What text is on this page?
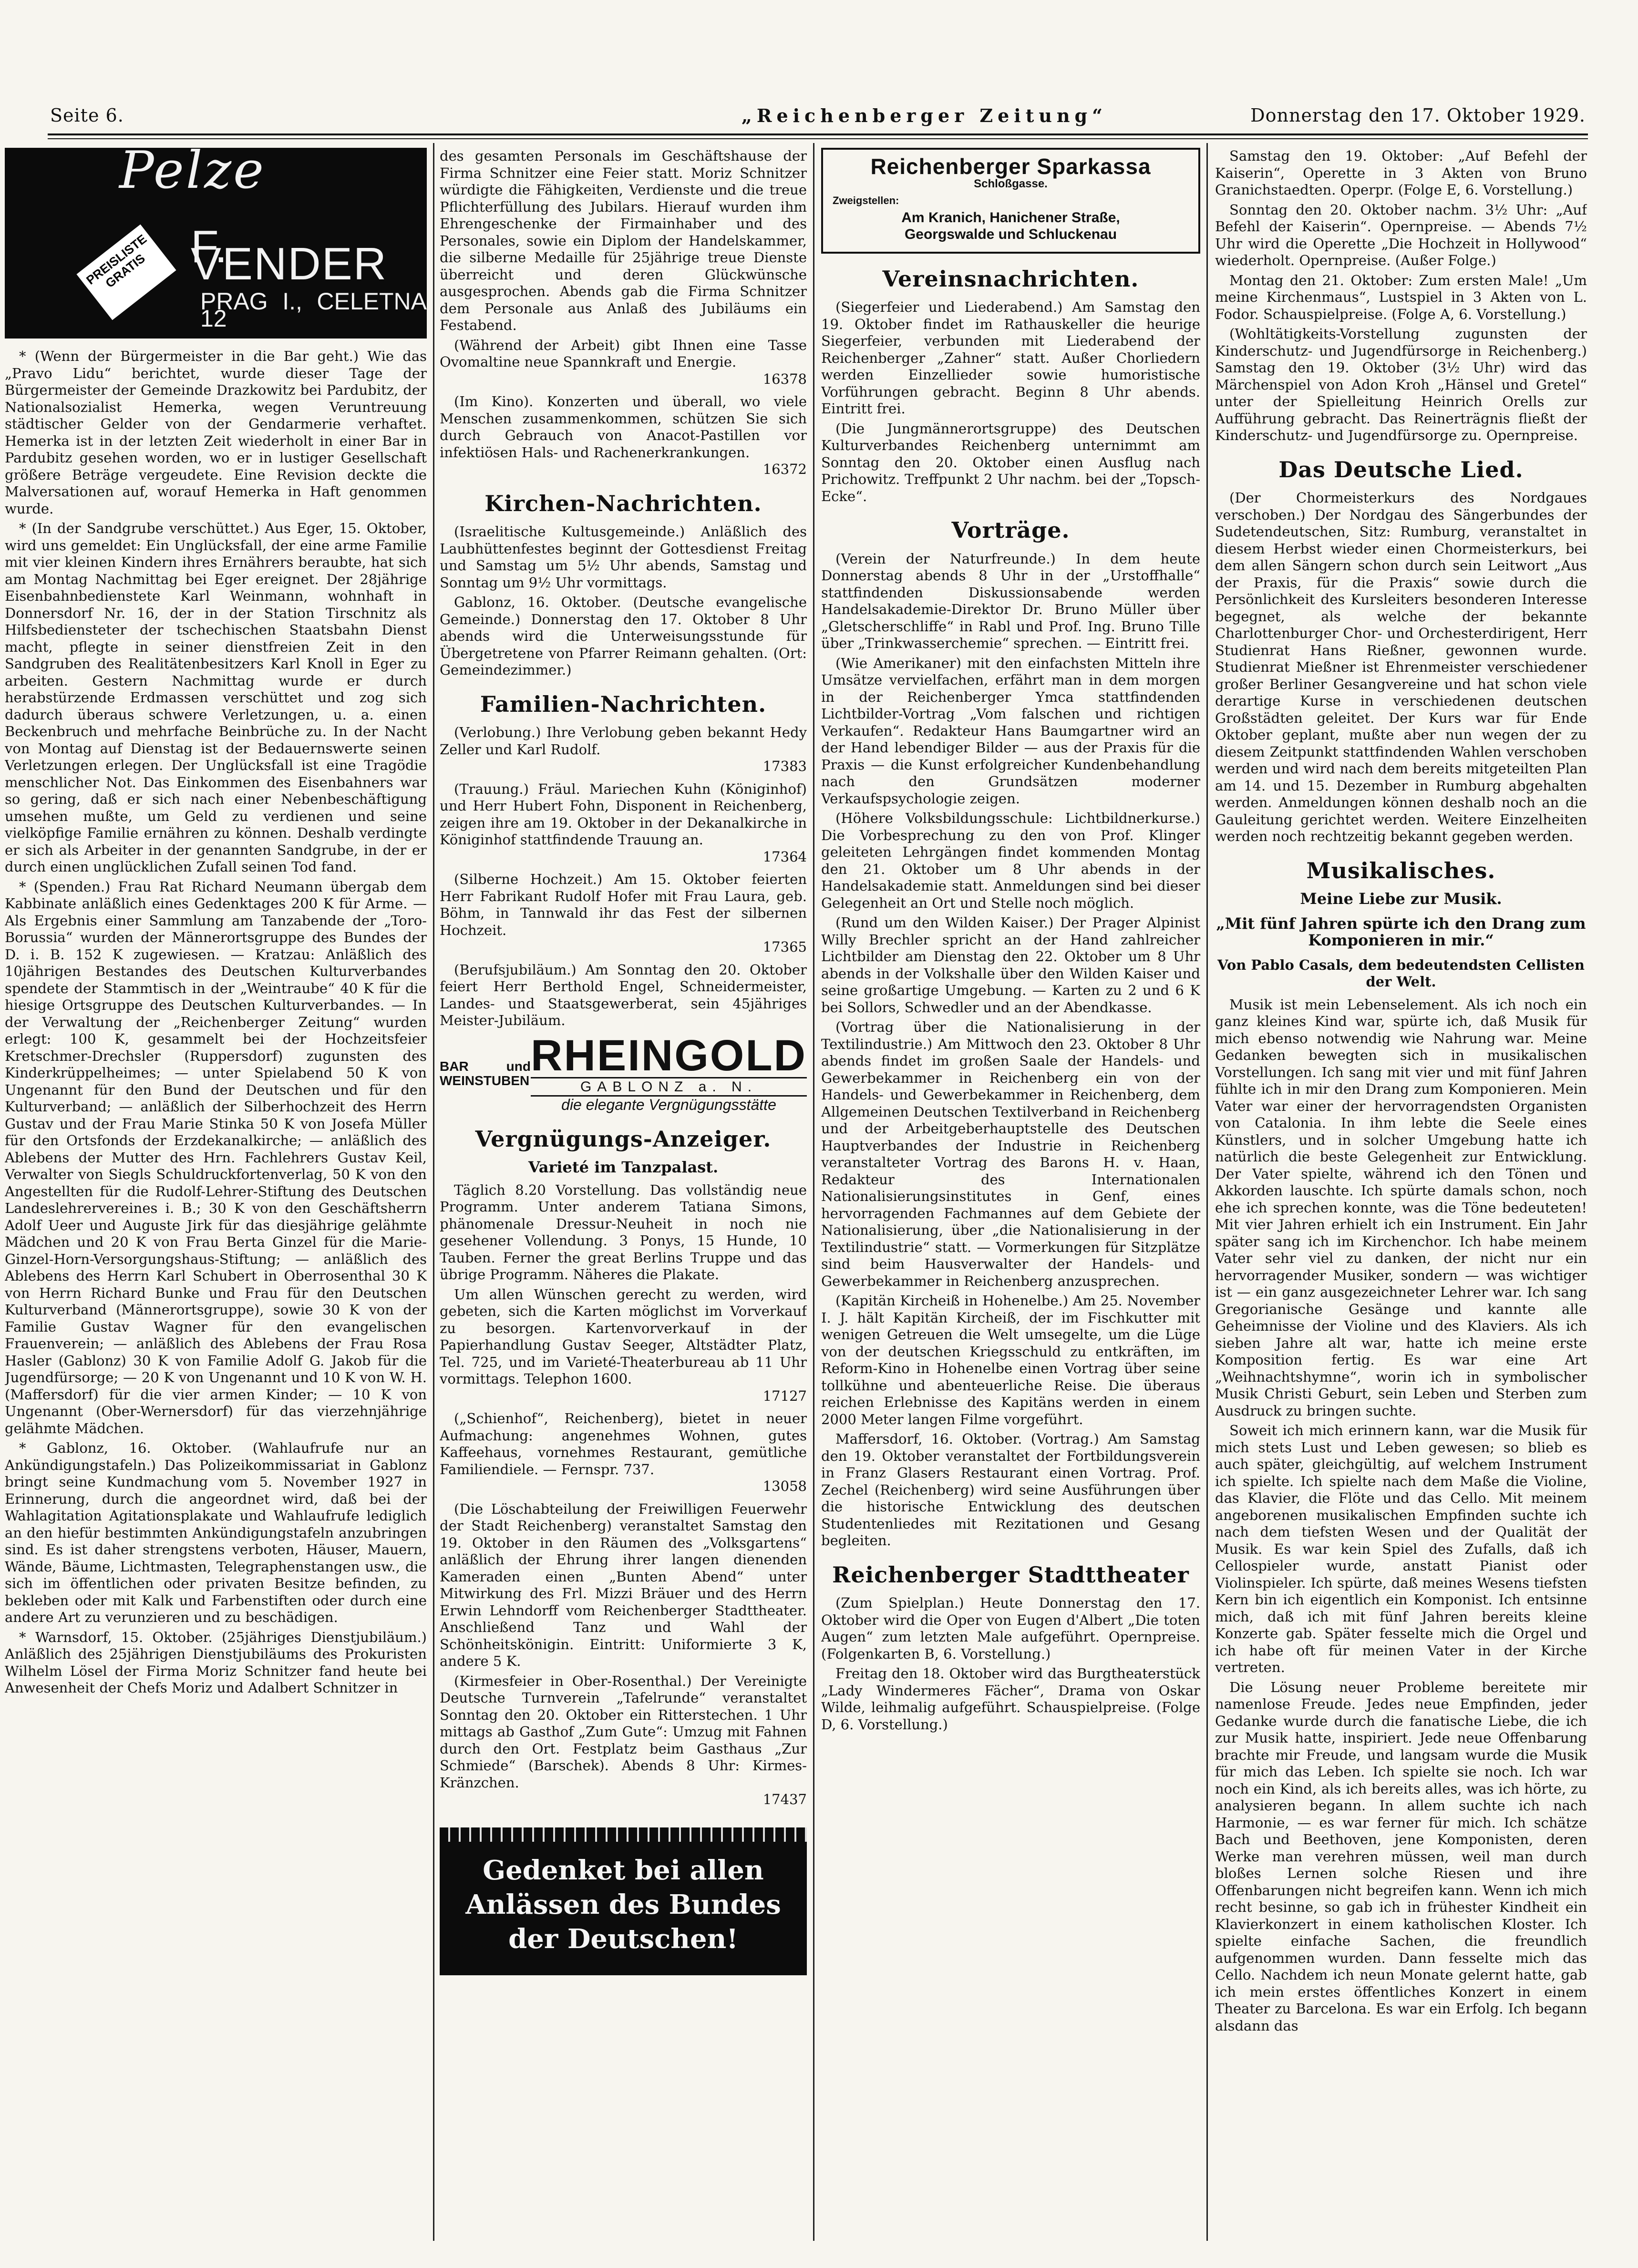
Seite 6.	„Reichenberger Zeitung“	Donnerstag den 17. Oktober 1929.
Pelze
PREISLISTE GRATIS F. VENDER
PRAG I., CELETNA 12

* (Wenn der Bürgermeister in die Bar geht.) Wie das „Pravo Lidu“ berichtet, wurde dieser Tage der Bürgermeister der Gemeinde Drazkowitz bei Pardubitz, der Nationalsozialist Hemerka, wegen Veruntreuung städtischer Gelder von der Gendarmerie verhaftet. Hemerka ist in der letzten Zeit wiederholt in einer Bar in Pardubitz gesehen worden, wo er in lustiger Gesellschaft größere Beträge vergeudete. Eine Revision deckte die Malversationen auf, worauf Hemerka in Haft genommen wurde.

* (In der Sandgrube verschüttet.) Aus Eger, 15. Oktober, wird uns gemeldet: Ein Unglücksfall, der eine arme Familie mit vier kleinen Kindern ihres Ernährers beraubte, hat sich am Montag Nachmittag bei Eger ereignet. Der 28jährige Eisenbahnbedienstete Karl Weinmann, wohnhaft in Donnersdorf Nr. 16, der in der Station Tirschnitz als Hilfsbediensteter der tschechischen Staatsbahn Dienst macht, pflegte in seiner dienstfreien Zeit in den Sandgruben des Realitätenbesitzers Karl Knoll in Eger zu arbeiten. Gestern Nachmittag wurde er durch herabstürzende Erdmassen verschüttet und zog sich dadurch überaus schwere Verletzungen, u. a. einen Beckenbruch und mehrfache Beinbrüche zu. In der Nacht von Montag auf Dienstag ist der Bedauernswerte seinen Verletzungen erlegen. Der Unglücksfall ist eine Tragödie menschlicher Not. Das Einkommen des Eisenbahners war so gering, daß er sich nach einer Nebenbeschäftigung umsehen mußte, um Geld zu verdienen und seine vielköpfige Familie ernähren zu können. Deshalb verdingte er sich als Arbeiter in der genannten Sandgrube, in der er durch einen unglücklichen Zufall seinen Tod fand.

* (Spenden.) Frau Rat Richard Neumann übergab dem Kabbinate anläßlich eines Gedenktages 200 K für Arme. — Als Ergebnis einer Sammlung am Tanzabende der „Toro-Borussia“ wurden der Männerortsgruppe des Bundes der D. i. B. 152 K zugewiesen. — Kratzau: Anläßlich des 10jährigen Bestandes des Deutschen Kulturverbandes spendete der Stammtisch in der „Weintraube“ 40 K für die hiesige Ortsgruppe des Deutschen Kulturverbandes. — In der Verwaltung der „Reichenberger Zeitung“ wurden erlegt: 100 K, gesammelt bei der Hochzeitsfeier Kretschmer-Drechsler (Ruppersdorf) zugunsten des Kinderkrüppelheimes; — unter Spielabend 50 K von Ungenannt für den Bund der Deutschen und für den Kulturverband; — anläßlich der Silberhochzeit des Herrn Gustav und der Frau Marie Stinka 50 K von Josefa Müller für den Ortsfonds der Erzdekanalkirche; — anläßlich des Ablebens der Mutter des Hrn. Fachlehrers Gustav Keil, Verwalter von Siegls Schuldruckfortenverlag, 50 K von den Angestellten für die Rudolf-Lehrer-Stiftung des Deutschen Landeslehrervereines i. B.; 30 K von den Geschäftsherrn Adolf Ueer und Auguste Jirk für das diesjährige gelähmte Mädchen und 20 K von Frau Berta Ginzel für die Marie-Ginzel-Horn-Versorgungshaus-Stiftung; — anläßlich des Ablebens des Herrn Karl Schubert in Oberrosenthal 30 K von Herrn Richard Bunke und Frau für den Deutschen Kulturverband (Männerortsgruppe), sowie 30 K von der Familie Gustav Wagner für den evangelischen Frauenverein; — anläßlich des Ablebens der Frau Rosa Hasler (Gablonz) 30 K von Familie Adolf G. Jakob für die Jugendfürsorge; — 20 K von Ungenannt und 10 K von W. H. (Maffersdorf) für die vier armen Kinder; — 10 K von Ungenannt (Ober-Wernersdorf) für das vierzehnjährige gelähmte Mädchen.

* Gablonz, 16. Oktober. (Wahlaufrufe nur an Ankündigungstafeln.) Das Polizeikommissariat in Gablonz bringt seine Kundmachung vom 5. November 1927 in Erinnerung, durch die angeordnet wird, daß bei der Wahlagitation Agitationsplakate und Wahlaufrufe lediglich an den hiefür bestimmten Ankündigungstafeln anzubringen sind. Es ist daher strengstens verboten, Häuser, Mauern, Wände, Bäume, Lichtmasten, Telegraphenstangen usw., die sich im öffentlichen oder privaten Besitze befinden, zu bekleben oder mit Kalk und Farbenstiften oder durch eine andere Art zu verunzieren und zu beschädigen.

* Warnsdorf, 15. Oktober. (25jähriges Dienstjubiläum.) Anläßlich des 25jährigen Dienstjubiläums des Prokuristen Wilhelm Lösel der Firma Moriz Schnitzer fand heute bei Anwesenheit der Chefs Moriz und Adalbert Schnitzer in

des gesamten Personals im Geschäftshause der Firma Schnitzer eine Feier statt. Moriz Schnitzer würdigte die Fähigkeiten, Verdienste und die treue Pflichterfüllung des Jubilars. Hierauf wurden ihm Ehrengeschenke der Firmainhaber und des Personales, sowie ein Diplom der Handelskammer, die silberne Medaille für 25jährige treue Dienste überreicht und deren Glückwünsche ausgesprochen. Abends gab die Firma Schnitzer dem Personale aus Anlaß des Jubiläums ein Festabend.

(Während der Arbeit) gibt Ihnen eine Tasse Ovomaltine neue Spannkraft und Energie.

16378

(Im Kino). Konzerten und überall, wo viele Menschen zusammenkommen, schützen Sie sich durch Gebrauch von Anacot-Pastillen vor infektiösen Hals- und Rachenerkrankungen.

16372

Kirchen-Nachrichten.

(Israelitische Kultusgemeinde.) Anläßlich des Laubhüttenfestes beginnt der Gottesdienst Freitag und Samstag um 5½ Uhr abends, Samstag und Sonntag um 9½ Uhr vormittags.

Gablonz, 16. Oktober. (Deutsche evangelische Gemeinde.) Donnerstag den 17. Oktober 8 Uhr abends wird die Unterweisungsstunde für Übergetretene von Pfarrer Reimann gehalten. (Ort: Gemeindezimmer.)

Familien-Nachrichten.

(Verlobung.) Ihre Verlobung geben bekannt Hedy Zeller und Karl Rudolf.

17383

(Trauung.) Fräul. Mariechen Kuhn (Königinhof) und Herr Hubert Fohn, Disponent in Reichenberg, zeigen ihre am 19. Oktober in der Dekanalkirche in Königinhof stattfindende Trauung an.

17364

(Silberne Hochzeit.) Am 15. Oktober feierten Herr Fabrikant Rudolf Hofer mit Frau Laura, geb. Böhm, in Tannwald ihr das Fest der silbernen Hochzeit.

17365

(Berufsjubiläum.) Am Sonntag den 20. Oktober feiert Herr Berthold Engel, Schneidermeister, Landes- und Staatsgewerberat, sein 45jähriges Meister-Jubiläum.

BAR und WEINSTUBEN
RHEINGOLD
GABLONZ a. N.
die elegante Vergnügungsstätte
Vergnügungs-Anzeiger.
Varieté im Tanzpalast.

Täglich 8.20 Vorstellung. Das vollständig neue Programm. Unter anderem Tatiana Simons, phänomenale Dressur-Neuheit in noch nie gesehener Vollendung. 3 Ponys, 15 Hunde, 10 Tauben. Ferner the great Berlins Truppe und das übrige Programm. Näheres die Plakate.

Um allen Wünschen gerecht zu werden, wird gebeten, sich die Karten möglichst im Vorverkauf zu besorgen. Kartenvorverkauf in der Papierhandlung Gustav Seeger, Altstädter Platz, Tel. 725, und im Varieté-Theaterbureau ab 11 Uhr vormittags. Telephon 1600.

17127

(„Schienhof“, Reichenberg), bietet in neuer Aufmachung: angenehmes Wohnen, gutes Kaffeehaus, vornehmes Restaurant, gemütliche Familiendiele. — Fernspr. 737.

13058

(Die Löschabteilung der Freiwilligen Feuerwehr der Stadt Reichenberg) veranstaltet Samstag den 19. Oktober in den Räumen des „Volksgartens“ anläßlich der Ehrung ihrer langen dienenden Kameraden einen „Bunten Abend“ unter Mitwirkung des Frl. Mizzi Bräuer und des Herrn Erwin Lehndorff vom Reichenberger Stadttheater. Anschließend Tanz und Wahl der Schönheitskönigin. Eintritt: Uniformierte 3 K, andere 5 K.

(Kirmesfeier in Ober-Rosenthal.) Der Vereinigte Deutsche Turnverein „Tafelrunde“ veranstaltet Sonntag den 20. Oktober ein Ritterstechen. 1 Uhr mittags ab Gasthof „Zum Gute“: Umzug mit Fahnen durch den Ort. Festplatz beim Gasthaus „Zur Schmiede“ (Barschek). Abends 8 Uhr: Kirmes-Kränzchen.

17437

Gedenket bei allen Anlässen des Bundes der Deutschen!
Reichenberger Sparkassa
Schloßgasse.
Zweigstellen:
Am Kranich, Hanichener Straße,
Georgswalde und Schluckenau
Vereinsnachrichten.

(Siegerfeier und Liederabend.) Am Samstag den 19. Oktober findet im Rathauskeller die heurige Siegerfeier, verbunden mit Liederabend der Reichenberger „Zahner“ statt. Außer Chorliedern werden Einzellieder sowie humoristische Vorführungen gebracht. Beginn 8 Uhr abends. Eintritt frei.

(Die Jungmännerortsgruppe) des Deutschen Kulturverbandes Reichenberg unternimmt am Sonntag den 20. Oktober einen Ausflug nach Prichowitz. Treffpunkt 2 Uhr nachm. bei der „Topsch-Ecke“.

Vorträge.

(Verein der Naturfreunde.) In dem heute Donnerstag abends 8 Uhr in der „Urstoffhalle“ stattfindenden Diskussionsabende werden Handelsakademie-Direktor Dr. Bruno Müller über „Gletscherschliffe“ in Rabl und Prof. Ing. Bruno Tille über „Trinkwasserchemie“ sprechen. — Eintritt frei.

(Wie Amerikaner) mit den einfachsten Mitteln ihre Umsätze vervielfachen, erfährt man in dem morgen in der Reichenberger Ymca stattfindenden Lichtbilder-Vortrag „Vom falschen und richtigen Verkaufen“. Redakteur Hans Baumgartner wird an der Hand lebendiger Bilder — aus der Praxis für die Praxis — die Kunst erfolgreicher Kundenbehandlung nach den Grundsätzen moderner Verkaufspsychologie zeigen.

(Höhere Volksbildungsschule: Lichtbildnerkurse.) Die Vorbesprechung zu den von Prof. Klinger geleiteten Lehrgängen findet kommenden Montag den 21. Oktober um 8 Uhr abends in der Handelsakademie statt. Anmeldungen sind bei dieser Gelegenheit an Ort und Stelle noch möglich.

(Rund um den Wilden Kaiser.) Der Prager Alpinist Willy Brechler spricht an der Hand zahlreicher Lichtbilder am Dienstag den 22. Oktober um 8 Uhr abends in der Volkshalle über den Wilden Kaiser und seine großartige Umgebung. — Karten zu 2 und 6 K bei Sollors, Schwedler und an der Abendkasse.

(Vortrag über die Nationalisierung in der Textilindustrie.) Am Mittwoch den 23. Oktober 8 Uhr abends findet im großen Saale der Handels- und Gewerbekammer in Reichenberg ein von der Handels- und Gewerbekammer in Reichenberg, dem Allgemeinen Deutschen Textilverband in Reichenberg und der Arbeitgeberhauptstelle des Deutschen Hauptverbandes der Industrie in Reichenberg veranstalteter Vortrag des Barons H. v. Haan, Redakteur des Internationalen Nationalisierungsinstitutes in Genf, eines hervorragenden Fachmannes auf dem Gebiete der Nationalisierung, über „die Nationalisierung in der Textilindustrie“ statt. — Vormerkungen für Sitzplätze sind beim Hausverwalter der Handels- und Gewerbekammer in Reichenberg anzusprechen.

(Kapitän Kircheiß in Hohenelbe.) Am 25. November I. J. hält Kapitän Kircheiß, der im Fischkutter mit wenigen Getreuen die Welt umsegelte, um die Lüge von der deutschen Kriegsschuld zu entkräften, im Reform-Kino in Hohenelbe einen Vortrag über seine tollkühne und abenteuerliche Reise. Die überaus reichen Erlebnisse des Kapitäns werden in einem 2000 Meter langen Filme vorgeführt.

Maffersdorf, 16. Oktober. (Vortrag.) Am Samstag den 19. Oktober veranstaltet der Fortbildungsverein in Franz Glasers Restaurant einen Vortrag. Prof. Zechel (Reichenberg) wird seine Ausführungen über die historische Entwicklung des deutschen Studentenliedes mit Rezitationen und Gesang begleiten.

Reichenberger Stadttheater

(Zum Spielplan.) Heute Donnerstag den 17. Oktober wird die Oper von Eugen d'Albert „Die toten Augen“ zum letzten Male aufgeführt. Opernpreise. (Folgenkarten B, 6. Vorstellung.)

Freitag den 18. Oktober wird das Burgtheaterstück „Lady Windermeres Fächer“, Drama von Oskar Wilde, leihmalig aufgeführt. Schauspielpreise. (Folge D, 6. Vorstellung.)

Samstag den 19. Oktober: „Auf Befehl der Kaiserin“, Operette in 3 Akten von Bruno Granichstaedten. Operpr. (Folge E, 6. Vorstellung.)

Sonntag den 20. Oktober nachm. 3½ Uhr: „Auf Befehl der Kaiserin“. Opernpreise. — Abends 7½ Uhr wird die Operette „Die Hochzeit in Hollywood“ wiederholt. Opernpreise. (Außer Folge.)

Montag den 21. Oktober: Zum ersten Male! „Um meine Kirchenmaus“, Lustspiel in 3 Akten von L. Fodor. Schauspielpreise. (Folge A, 6. Vorstellung.)

(Wohltätigkeits-Vorstellung zugunsten der Kinderschutz- und Jugendfürsorge in Reichenberg.) Samstag den 19. Oktober (3½ Uhr) wird das Märchenspiel von Adon Kroh „Hänsel und Gretel“ unter der Spielleitung Heinrich Orells zur Aufführung gebracht. Das Reinerträgnis fließt der Kinderschutz- und Jugendfürsorge zu. Opernpreise.

Das Deutsche Lied.

(Der Chormeisterkurs des Nordgaues verschoben.) Der Nordgau des Sängerbundes der Sudetendeutschen, Sitz: Rumburg, veranstaltet in diesem Herbst wieder einen Chormeisterkurs, bei dem allen Sängern schon durch sein Leitwort „Aus der Praxis, für die Praxis“ sowie durch die Persönlichkeit des Kursleiters besonderen Interesse begegnet, als welche der bekannte Charlottenburger Chor- und Orchesterdirigent, Herr Studienrat Hans Rießner, gewonnen wurde. Studienrat Mießner ist Ehrenmeister verschiedener großer Berliner Gesangvereine und hat schon viele derartige Kurse in verschiedenen deutschen Großstädten geleitet. Der Kurs war für Ende Oktober geplant, mußte aber nun wegen der zu diesem Zeitpunkt stattfindenden Wahlen verschoben werden und wird nach dem bereits mitgeteilten Plan am 14. und 15. Dezember in Rumburg abgehalten werden. Anmeldungen können deshalb noch an die Gauleitung gerichtet werden. Weitere Einzelheiten werden noch rechtzeitig bekannt gegeben werden.

Musikalisches.
Meine Liebe zur Musik.
„Mit fünf Jahren spürte ich den Drang zum Komponieren in mir.“
Von Pablo Casals, dem bedeutendsten Cellisten der Welt.

Musik ist mein Lebenselement. Als ich noch ein ganz kleines Kind war, spürte ich, daß Musik für mich ebenso notwendig wie Nahrung war. Meine Gedanken bewegten sich in musikalischen Vorstellungen. Ich sang mit vier und mit fünf Jahren fühlte ich in mir den Drang zum Komponieren. Mein Vater war einer der hervorragendsten Organisten von Catalonia. In ihm lebte die Seele eines Künstlers, und in solcher Umgebung hatte ich natürlich die beste Gelegenheit zur Entwicklung. Der Vater spielte, während ich den Tönen und Akkorden lauschte. Ich spürte damals schon, noch ehe ich sprechen konnte, was die Töne bedeuteten! Mit vier Jahren erhielt ich ein Instrument. Ein Jahr später sang ich im Kirchenchor. Ich habe meinem Vater sehr viel zu danken, der nicht nur ein hervorragender Musiker, sondern — was wichtiger ist — ein ganz ausgezeichneter Lehrer war. Ich sang Gregorianische Gesänge und kannte alle Geheimnisse der Violine und des Klaviers. Als ich sieben Jahre alt war, hatte ich meine erste Komposition fertig. Es war eine Art „Weihnachtshymne“, worin ich in symbolischer Musik Christi Geburt, sein Leben und Sterben zum Ausdruck zu bringen suchte.

Soweit ich mich erinnern kann, war die Musik für mich stets Lust und Leben gewesen; so blieb es auch später, gleichgültig, auf welchem Instrument ich spielte. Ich spielte nach dem Maße die Violine, das Klavier, die Flöte und das Cello. Mit meinem angeborenen musikalischen Empfinden suchte ich nach dem tiefsten Wesen und der Qualität der Musik. Es war kein Spiel des Zufalls, daß ich Cellospieler wurde, anstatt Pianist oder Violinspieler. Ich spürte, daß meines Wesens tiefsten Kern bin ich eigentlich ein Komponist. Ich entsinne mich, daß ich mit fünf Jahren bereits kleine Konzerte gab. Später fesselte mich die Orgel und ich habe oft für meinen Vater in der Kirche vertreten.

Die Lösung neuer Probleme bereitete mir namenlose Freude. Jedes neue Empfinden, jeder Gedanke wurde durch die fanatische Liebe, die ich zur Musik hatte, inspiriert. Jede neue Offenbarung brachte mir Freude, und langsam wurde die Musik für mich das Leben. Ich spielte sie noch. Ich war noch ein Kind, als ich bereits alles, was ich hörte, zu analysieren begann. In allem suchte ich nach Harmonie, — es war ferner für mich. Ich schätze Bach und Beethoven, jene Komponisten, deren Werke man verehren müssen, weil man durch bloßes Lernen solche Riesen und ihre Offenbarungen nicht begreifen kann. Wenn ich mich recht besinne, so gab ich in frühester Kindheit ein Klavierkonzert in einem katholischen Kloster. Ich spielte einfache Sachen, die freundlich aufgenommen wurden. Dann fesselte mich das Cello. Nachdem ich neun Monate gelernt hatte, gab ich mein erstes öffentliches Konzert in einem Theater zu Barcelona. Es war ein Erfolg. Ich begann alsdann das
